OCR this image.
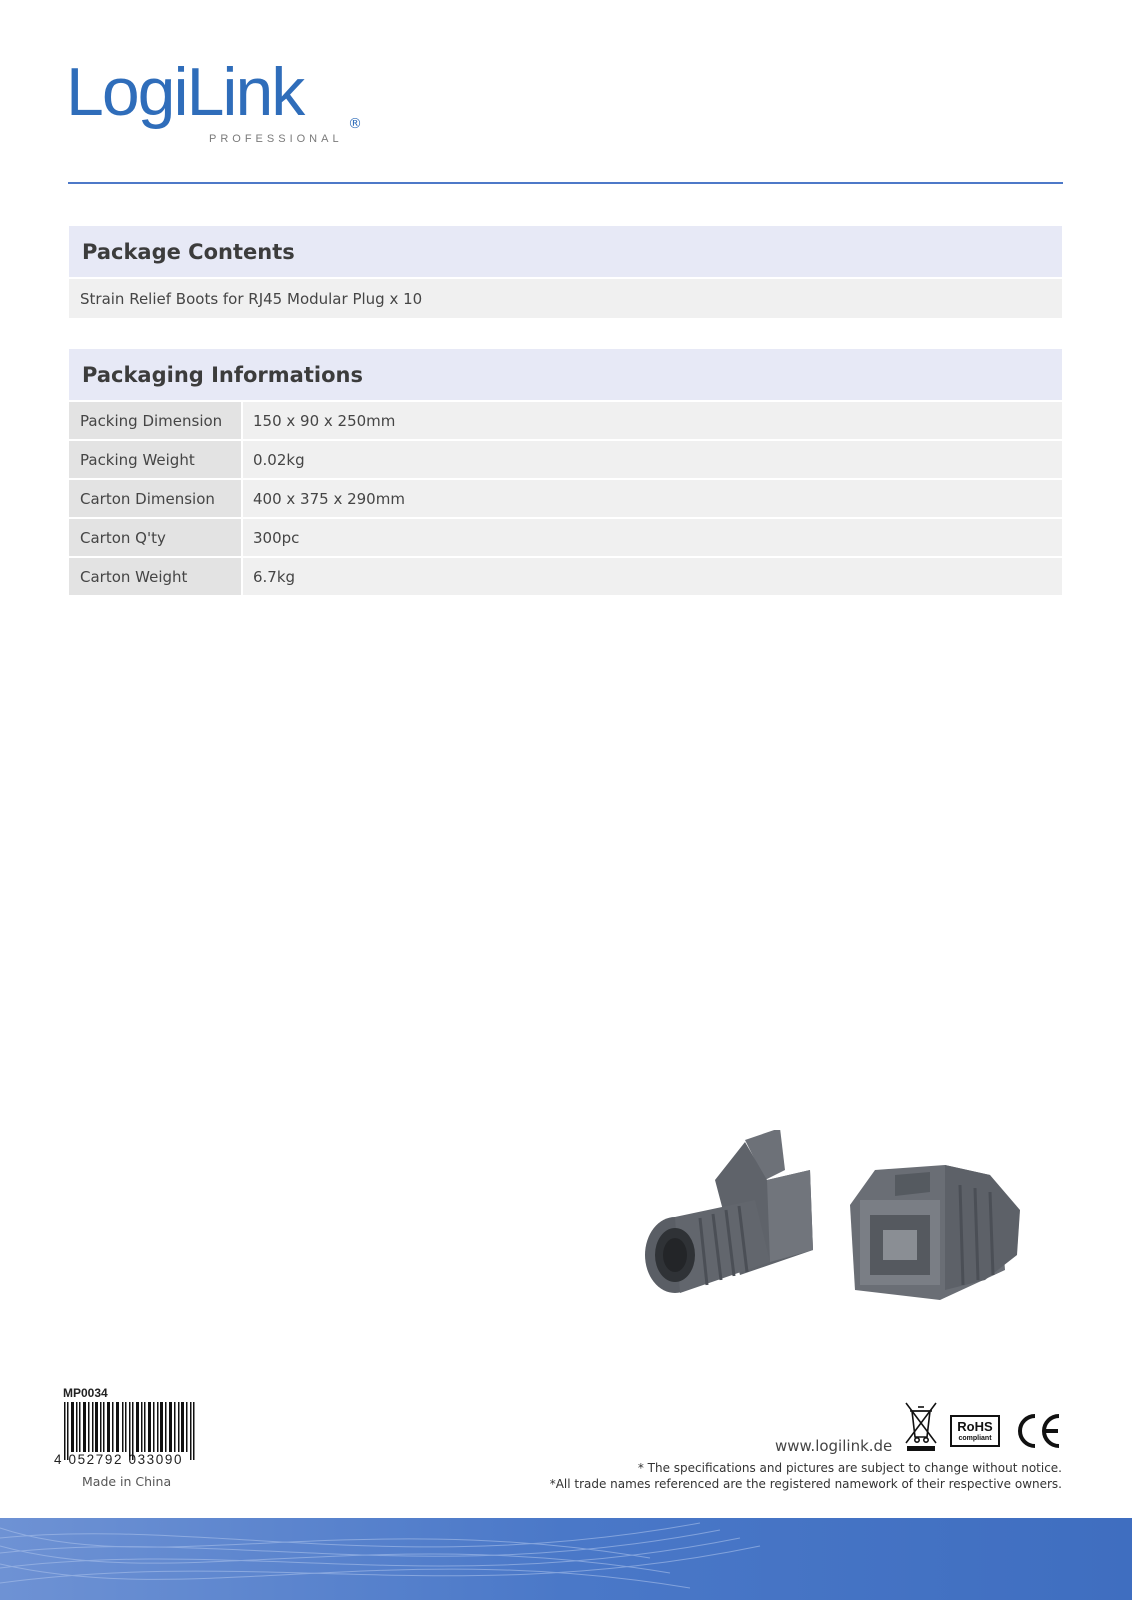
LogiLink	®
PROFESSIONAL
Package Contents
Strain Relief Boots for RJ45 Modular Plug x 10
Packaging Informations
Packing Dimension	150 x 90 x 250mm
Packing Weight	0.02kg
Carton Dimension	400 x 375 x 290mm
Carton Q'ty	300pc
Carton Weight	6.7kg
MP0034
4 052792 033090
Made in China
www.logilink.de
RoHS
compliant
* The specifications and pictures are subject to change without notice.
*All trade names referenced are the registered namework of their respective owners.
